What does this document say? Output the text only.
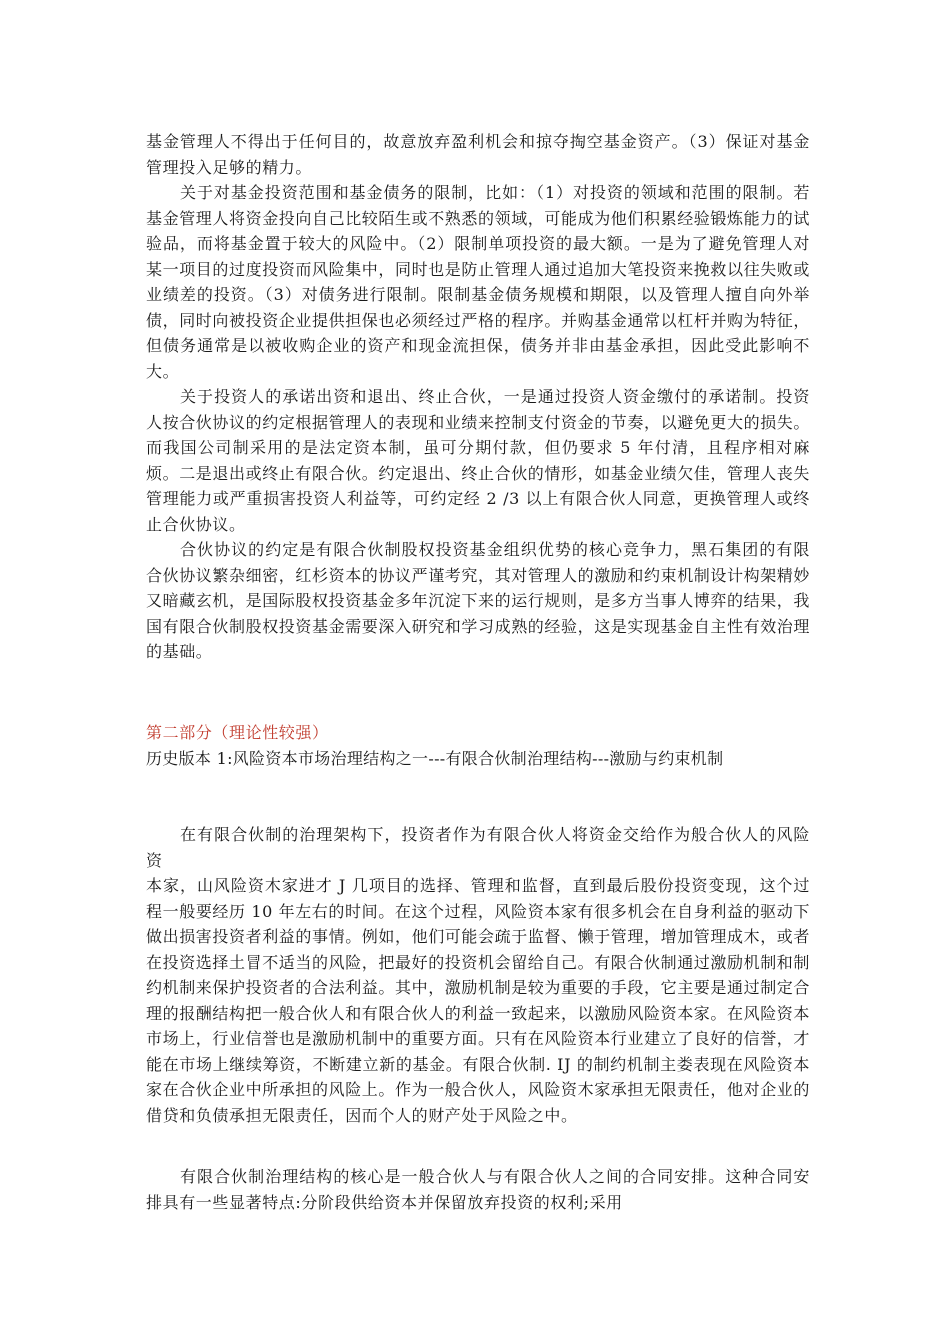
基金管理人不得出于任何目的，故意放弃盈利机会和掠夺掏空基金资产。（3）保证对基金管理投入足够的精力。

关于对基金投资范围和基金债务的限制，比如：（1）对投资的领域和范围的限制。若基金管理人将资金投向自己比较陌生或不熟悉的领域，可能成为他们积累经验锻炼能力的试验品，而将基金置于较大的风险中。（2）限制单项投资的最大额。一是为了避免管理人对某一项目的过度投资而风险集中，同时也是防止管理人通过追加大笔投资来挽救以往失败或业绩差的投资。（3）对债务进行限制。限制基金债务规模和期限，以及管理人擅自向外举债，同时向被投资企业提供担保也必须经过严格的程序。并购基金通常以杠杆并购为特征，但债务通常是以被收购企业的资产和现金流担保，债务并非由基金承担，因此受此影响不大。

关于投资人的承诺出资和退出、终止合伙，一是通过投资人资金缴付的承诺制。投资人按合伙协议的约定根据管理人的表现和业绩来控制支付资金的节奏，以避免更大的损失。而我国公司制采用的是法定资本制，虽可分期付款，但仍要求 5 年付清，且程序相对麻烦。二是退出或终止有限合伙。约定退出、终止合伙的情形，如基金业绩欠佳，管理人丧失管理能力或严重损害投资人利益等，可约定经 2 /3 以上有限合伙人同意，更换管理人或终止合伙协议。

合伙协议的约定是有限合伙制股权投资基金组织优势的核心竞争力，黑石集团的有限合伙协议繁杂细密，红杉资本的协议严谨考究，其对管理人的激励和约束机制设计构架精妙又暗藏玄机，是国际股权投资基金多年沉淀下来的运行规则，是多方当事人博弈的结果，我国有限合伙制股权投资基金需要深入研究和学习成熟的经验，这是实现基金自主性有效治理的基础。

第二部分（理论性较强）

历史版本 1:风险资本市场治理结构之一---有限合伙制治理结构---激励与约束机制

在有限合伙制的治理架构下，投资者作为有限合伙人将资金交给作为般合伙人的风险资

本家，山风险资木家进才 J 几项目的选择、管理和监督，直到最后股份投资变现，这个过程一般要经历 10 年左右的时间。在这个过程，风险资本家有很多机会在自身利益的驱动下做出损害投资者利益的事情。例如，他们可能会疏于监督、懒于管理，增加管理成木，或者在投资选择土冒不适当的风险，把最好的投资机会留给自己。有限合伙制通过激励机制和制约机制来保护投资者的合法利益。其中，激励机制是较为重要的手段，它主要是通过制定合理的报酬结构把一般合伙人和有限合伙人的利益一致起来，以激励风险资本家。在风险资本市场上，行业信誉也是激励机制中的重要方面。只有在风险资本行业建立了良好的信誉，才能在市场上继续筹资，不断建立新的基金。有限合伙制. IJ 的制约机制主娄表现在风险资本家在合伙企业中所承担的风险上。作为一般合伙人，风险资木家承担无限责任，他对企业的借贷和负债承担无限责任，因而个人的财产处于风险之中。

有限合伙制治理结构的核心是一般合伙人与有限合伙人之间的合同安排。这种合同安排具有一些显著特点:分阶段供给资本并保留放弃投资的权利;采用
